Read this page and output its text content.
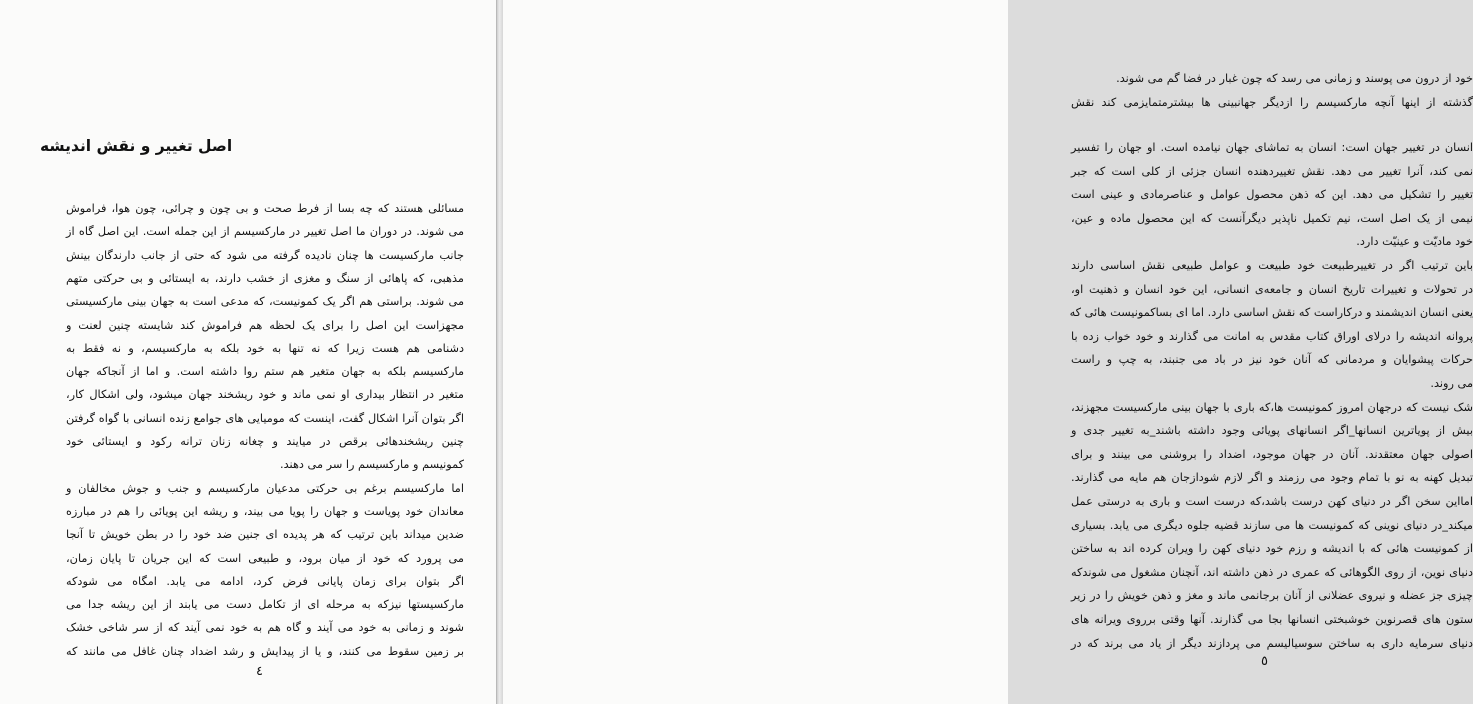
اصل تغییر و نقش اندیشه
مسائلی هستند که چه بسا از فرط صحت و بی چون و چرائی، چون هوا، فراموش
می شوند. در دوران ما اصل تغییر در مارکسیسم از این جمله است. این اصل گاه از
جانب مارکسیست ها چنان نادیده گرفته می شود که حتی از جانب دارندگان بینش
مذهبی، که پاهائی از سنگ و مغزی از خشب دارند، به ایستائی و بی حرکتی متهم
می شوند. براستی هم اگر یک کمونیست، که مدعی است به جهان بینی مارکسیستی
مجهزاست این اصل را برای یک لحظه هم فراموش کند شایسته چنین لعنت و
دشنامی هم هست زیرا که نه تنها به خود بلکه به مارکسیسم، و نه فقط به
مارکسیسم بلکه به جهان متغیر هم ستم روا داشته است. و اما از آنجاکه جهان
متغیر در انتظار بیداری او نمی ماند و خود ریشخند جهان میشود، ولی اشکال کار،
اگر بتوان آنرا اشکال گفت، اینست که مومیایی های جوامع زنده انسانی با گواه گرفتن
چنین ریشخندهائی برقص در میایند و چغانه زنان ترانه رکود و ایستائی خود
کمونیسم و مارکسیسم را سر می دهند.
اما مارکسیسم برغم بی حرکتی مدعیان مارکسیسم و جنب و جوش مخالفان و
معاندان خود پویاست و جهان را پویا می بیند، و ریشه این پویائی را هم در مبارزه
ضدین میداند باین ترتیب که هر پدیده ای جنین ضد خود را در بطن خویش تا آنجا
می پرورد که خود از میان برود، و طبیعی است که این جریان تا پایان زمان،
اگر بتوان برای زمان پایانی فرض کرد، ادامه می یابد. امگاه می شودکه
مارکسیستها نیزکه به مرحله ای از تکامل دست می یابند از این ریشه جدا می
شوند و زمانی به خود می آیند و گاه هم به خود نمی آیند که از سر شاخی خشک
بر زمین سقوط می کنند، و یا از پیدایش و رشد اضداد چنان غافل می مانند که
٤
خود از درون می پوسند و زمانی می رسد که چون غبار در فضا گم می شوند.
گذشته از اینها آنچه مارکسیسم را ازدیگر جهانبینی ها بیشترمتمایزمی کند نقش
انسان در تغییر جهان است: انسان به تماشای جهان نیامده است. او جهان را تفسیر
نمی کند، آنرا تغییر می دهد. نقش تغییردهنده انسان جزئی از کلی است که جبر
تغییر را تشکیل می دهد. این که ذهن محصول عوامل و عناصرمادی و عینی است
نیمی از یک اصل است، نیم تکمیل ناپذیر دیگرآنست که این محصول ماده و عین،
خود مادیّت و عینیّت دارد.
باین ترتیب اگر در تغییرطبیعت خود طبیعت و عوامل طبیعی نقش اساسی دارند
در تحولات و تغییرات تاریخ انسان و جامعه‌ی انسانی، این خود انسان و ذهنیت او،
یعنی انسان اندیشمند و درکاراست که نقش اساسی دارد. اما ای بساکمونیست هائی که
پروانه اندیشه را درلای اوراق کتاب مقدس به امانت می گذارند و خود خواب زده با
حرکات پیشوایان و مردمانی که آنان خود نیز در باد می جنبند، به چپ و راست
می روند.
شک نیست که درجهان امروز کمونیست ها،که باری با جهان بینی مارکسیست مجهزند،
بیش از پویاترین انسانها_اگر انسانهای پویائی وجود داشته باشند_به تغییر جدی و
اصولی جهان معتقدند. آنان در جهان موجود، اضداد را بروشنی می بینند و برای
تبدیل کهنه به نو با تمام وجود می رزمند و اگر لازم شودازجان هم مایه می گذارند.
امااین سخن اگر در دنیای کهن درست باشد،که درست است و باری به درستی عمل
میکند_در دنیای نوینی که کمونیست ها می سازند قضیه جلوه دیگری می یابد. بسیاری
از کمونیست هائی که با اندیشه و رزم خود دنیای کهن را ویران کرده اند به ساختن
دنیای نوین، از روی الگوهائی که عمری در ذهن داشته اند، آنچنان مشغول می شوندکه
چیزی جز عضله و نیروی عضلانی از آنان برجانمی ماند و مغز و ذهن خویش را در زیر
ستون های قصرنوین خوشبختی انسانها بجا می گذارند. آنها وقتی برروی ویرانه های
دنیای سرمایه داری به ساختن سوسیالیسم می پردازند دیگر از یاد می برند که در
٥
